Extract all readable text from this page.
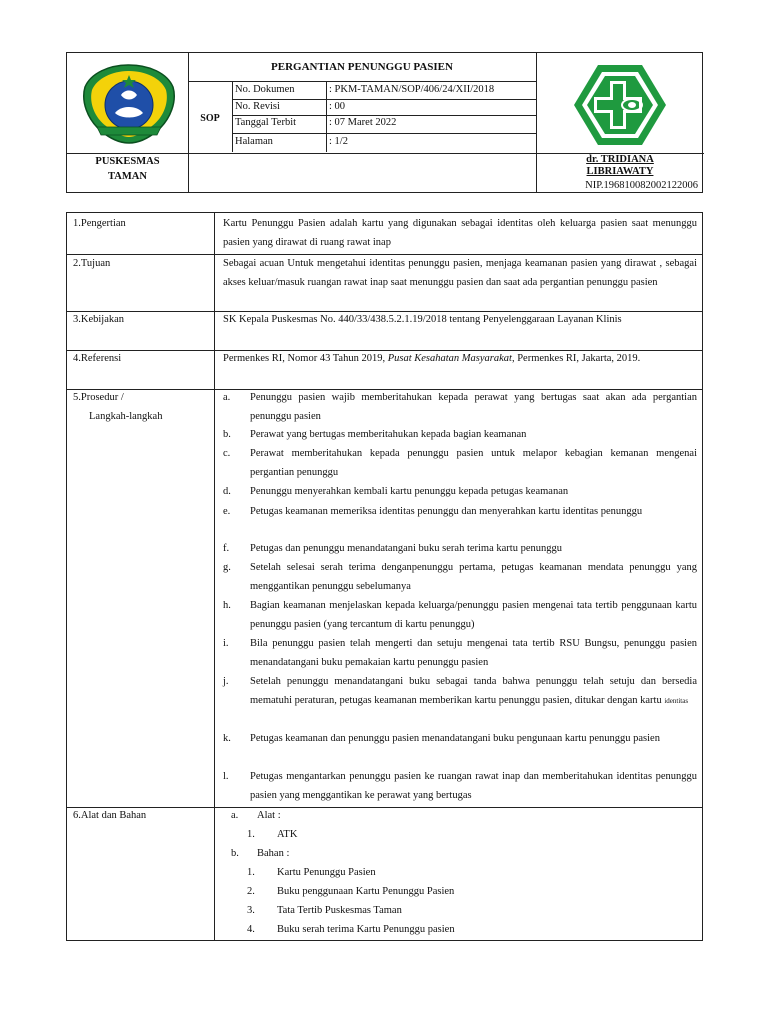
PERGANTIAN PENUNGGU PASIEN
SOP
No. Dokumen	: PKM-TAMAN/SOP/406/24/XII/2018
No. Revisi	: 00
Tanggal Terbit	: 07 Maret 2022
Halaman	: 1/2
PUSKESMAS
TAMAN
dr. TRIDIANA
LIBRIAWATY
NIP.196810082002122006
1.Pengertian	Kartu Penunggu Pasien adalah kartu yang digunakan sebagai identitas oleh keluarga pasien saat menunggu pasien yang dirawat di ruang rawat inap
2.Tujuan	Sebagai acuan Untuk mengetahui identitas penunggu pasien, menjaga keamanan pasien yang dirawat , sebagai akses keluar/masuk ruangan rawat inap saat menunggu pasien dan saat ada pergantian penunggu pasien
3.Kebijakan	SK Kepala Puskesmas No. 440/33/438.5.2.1.19/2018 tentang Penyelenggaraan Layanan Klinis
4.Referensi	Permenkes RI, Nomor 43 Tahun 2019, Pusat Kesahatan Masyarakat, Permenkes RI, Jakarta, 2019.
5.Prosedur /
Langkah-langkah
a.	Penunggu pasien wajib memberitahukan kepada perawat yang bertugas saat akan ada pergantian penunggu pasien
b.	Perawat yang bertugas memberitahukan kepada bagian keamanan
c.	Perawat memberitahukan kepada penunggu pasien untuk melapor kebagian kemanan mengenai pergantian penunggu
d.	Penunggu menyerahkan kembali kartu penunggu kepada petugas keamanan
e.	Petugas keamanan memeriksa identitas penunggu dan menyerahkan kartu identitas penunggu
f.	Petugas dan penunggu menandatangani buku serah terima kartu penunggu
g.	Setelah selesai serah terima denganpenunggu pertama, petugas keamanan mendata penunggu yang menggantikan penunggu sebelumanya
h.	Bagian keamanan menjelaskan kepada keluarga/penunggu pasien mengenai tata tertib penggunaan kartu penunggu pasien (yang tercantum di kartu penunggu)
i.	Bila penunggu pasien telah mengerti dan setuju mengenai tata tertib RSU Bungsu, penunggu pasien menandatangani buku pemakaian kartu penunggu pasien
j.	Setelah penunggu menandatangani buku sebagai tanda bahwa penunggu telah setuju dan bersedia mematuhi peraturan, petugas keamanan memberikan kartu penunggu pasien, ditukar dengan kartu identitas
k.	Petugas keamanan dan penunggu pasien menandatangani buku pengunaan kartu penunggu pasien
l.	Petugas mengantarkan penunggu pasien ke ruangan rawat inap dan memberitahukan identitas penunggu pasien yang menggantikan ke perawat yang bertugas
6.Alat dan Bahan	a.	Alat :
1.	ATK
b.	Bahan :
1.	Kartu Penunggu Pasien
2.	Buku penggunaan Kartu Penunggu Pasien
3.	Tata Tertib Puskesmas Taman
4.	Buku serah terima Kartu Penunggu pasien
